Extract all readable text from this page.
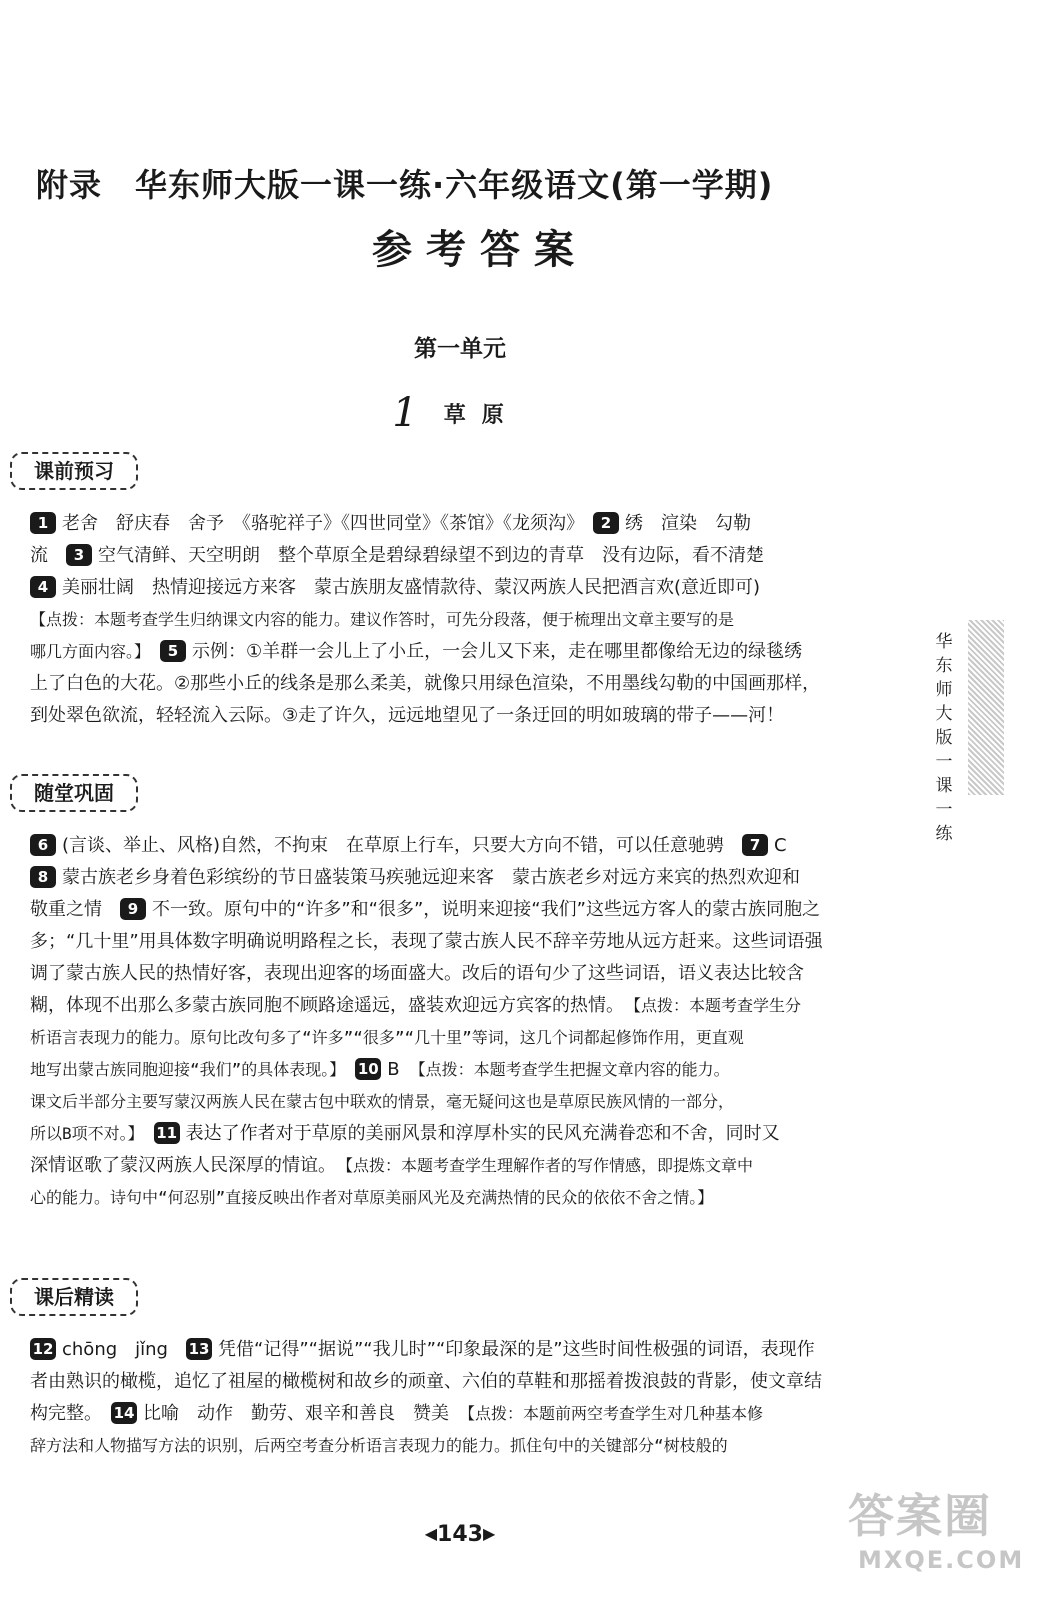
附录　华东师大版一课一练·六年级语文(第一学期)
参考答案
第一单元
1 草原
课前预习

1 老舍　舒庆春　舍予　《骆驼祥子》《四世同堂》《茶馆》《龙须沟》　2 绣　渲染　勾勒

流　3 空气清鲜、天空明朗　整个草原全是碧绿碧绿望不到边的青草　没有边际，看不清楚

4 美丽壮阔　热情迎接远方来客　蒙古族朋友盛情款待、蒙汉两族人民把酒言欢(意近即可)

【点拨：本题考查学生归纳课文内容的能力。建议作答时，可先分段落，便于梳理出文章主要写的是

哪几方面内容。】　 5 示例：①羊群一会儿上了小丘，一会儿又下来，走在哪里都像给无边的绿毯绣

上了白色的大花。②那些小丘的线条是那么柔美，就像只用绿色渲染，不用墨线勾勒的中国画那样，

到处翠色欲流，轻轻流入云际。③走了许久，远远地望见了一条迂回的明如玻璃的带子——河！

随堂巩固

6 (言谈、举止、风格)自然，不拘束　在草原上行车，只要大方向不错，可以任意驰骋　7 C

8 蒙古族老乡身着色彩缤纷的节日盛装策马疾驰远迎来客　蒙古族老乡对远方来宾的热烈欢迎和

敬重之情　9 不一致。原句中的“许多”和“很多”，说明来迎接“我们”这些远方客人的蒙古族同胞之

多；“几十里”用具体数字明确说明路程之长，表现了蒙古族人民不辞辛劳地从远方赶来。这些词语强

调了蒙古族人民的热情好客，表现出迎客的场面盛大。改后的语句少了这些词语，语义表达比较含

糊，体现不出那么多蒙古族同胞不顾路途遥远，盛装欢迎远方宾客的热情。　【点拨：本题考查学生分

析语言表现力的能力。原句比改句多了“许多”“很多”“几十里”等词，这几个词都起修饰作用，更直观

地写出蒙古族同胞迎接“我们”的具体表现。】　 10 B　【点拨：本题考查学生把握文章内容的能力。

课文后半部分主要写蒙汉两族人民在蒙古包中联欢的情景，毫无疑问这也是草原民族风情的一部分，

所以B项不对。】　 11 表达了作者对于草原的美丽风景和淳厚朴实的民风充满眷恋和不舍，同时又

深情讴歌了蒙汉两族人民深厚的情谊。　【点拨：本题考查学生理解作者的写作情感，即提炼文章中

心的能力。诗句中“何忍别”直接反映出作者对草原美丽风光及充满热情的民众的依依不舍之情。】

课后精读

12 chōng　jǐng　13 凭借“记得”“据说”“我儿时”“印象最深的是”这些时间性极强的词语，表现作

者由熟识的橄榄，追忆了祖屋的橄榄树和故乡的顽童、六伯的草鞋和那摇着拨浪鼓的背影，使文章结

构完整。　14 比喻　动作　勤劳、艰辛和善良　赞美　【点拨：本题前两空考查学生对几种基本修

辞方法和人物描写方法的识别，后两空考查分析语言表现力的能力。抓住句中的关键部分“树枝般的

华东师大版一课一练
◀143▶	答案圈
MXQE.COM
